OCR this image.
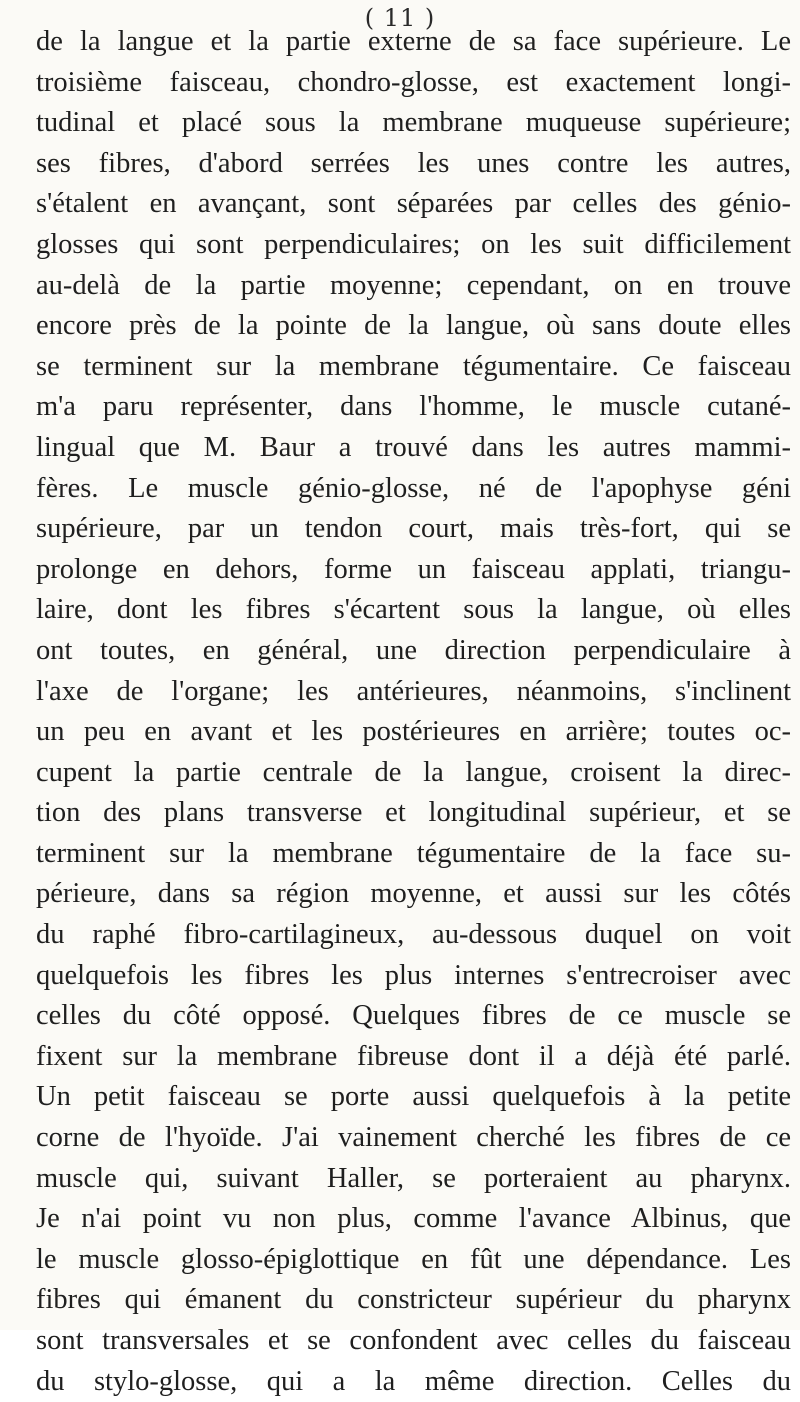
( 11 )
de la langue et la partie externe de sa face supérieure. Le
troisième faisceau, chondro-glosse, est exactement longi-
tudinal et placé sous la membrane muqueuse supérieure;
ses fibres, d'abord serrées les unes contre les autres,
s'étalent en avançant, sont séparées par celles des génio-
glosses qui sont perpendiculaires; on les suit difficilement
au-delà de la partie moyenne; cependant, on en trouve
encore près de la pointe de la langue, où sans doute elles
se terminent sur la membrane tégumentaire. Ce faisceau
m'a paru représenter, dans l'homme, le muscle cutané-
lingual que M. Baur a trouvé dans les autres mammi-
fères. Le muscle génio-glosse, né de l'apophyse géni
supérieure, par un tendon court, mais très-fort, qui se
prolonge en dehors, forme un faisceau applati, triangu-
laire, dont les fibres s'écartent sous la langue, où elles
ont toutes, en général, une direction perpendiculaire à
l'axe de l'organe; les antérieures, néanmoins, s'inclinent
un peu en avant et les postérieures en arrière; toutes oc-
cupent la partie centrale de la langue, croisent la direc-
tion des plans transverse et longitudinal supérieur, et se
terminent sur la membrane tégumentaire de la face su-
périeure, dans sa région moyenne, et aussi sur les côtés
du raphé fibro-cartilagineux, au-dessous duquel on voit
quelquefois les fibres les plus internes s'entrecroiser avec
celles du côté opposé. Quelques fibres de ce muscle se
fixent sur la membrane fibreuse dont il a déjà été parlé.
Un petit faisceau se porte aussi quelquefois à la petite
corne de l'hyoïde. J'ai vainement cherché les fibres de ce
muscle qui, suivant Haller, se porteraient au pharynx.
Je n'ai point vu non plus, comme l'avance Albinus, que
le muscle glosso-épiglottique en fût une dépendance. Les
fibres qui émanent du constricteur supérieur du pharynx
sont transversales et se confondent avec celles du faisceau
du stylo-glosse, qui a la même direction. Celles du
